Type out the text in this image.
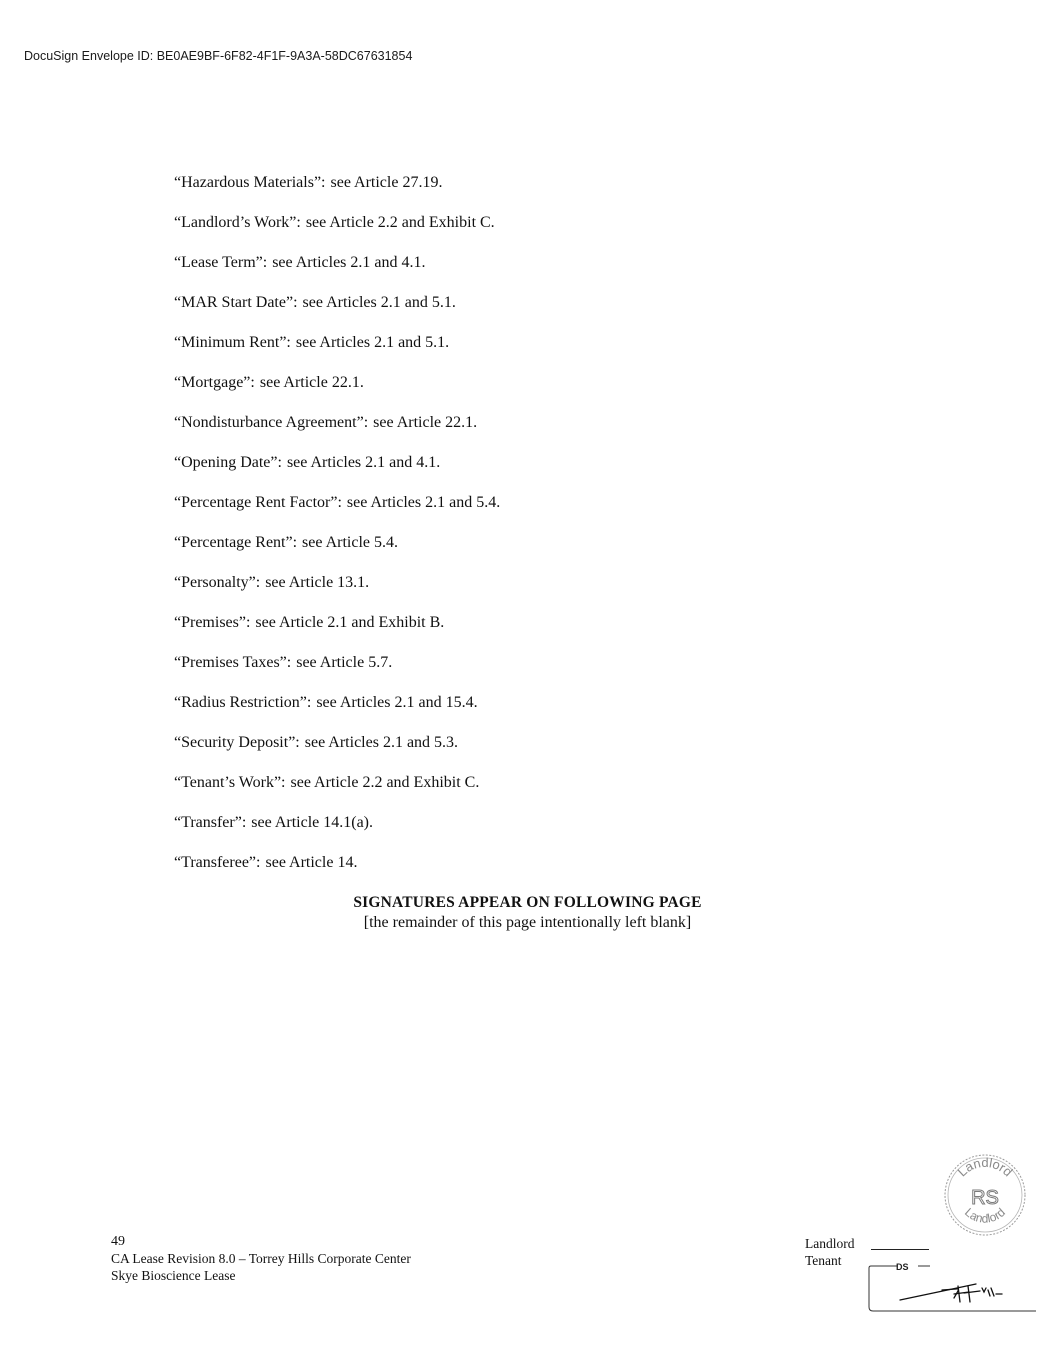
DocuSign Envelope ID: BE0AE9BF-6F82-4F1F-9A3A-58DC67631854
“Hazardous Materials”: see Article 27.19.
“Landlord’s Work”: see Article 2.2 and Exhibit C.
“Lease Term”: see Articles 2.1 and 4.1.
“MAR Start Date”: see Articles 2.1 and 5.1.
“Minimum Rent”: see Articles 2.1 and 5.1.
“Mortgage”: see Article 22.1.
“Nondisturbance Agreement”: see Article 22.1.
“Opening Date”: see Articles 2.1 and 4.1.
“Percentage Rent Factor”: see Articles 2.1 and 5.4.
“Percentage Rent”: see Article 5.4.
“Personalty”: see Article 13.1.
“Premises”: see Article 2.1 and Exhibit B.
“Premises Taxes”: see Article 5.7.
“Radius Restriction”: see Articles 2.1 and 15.4.
“Security Deposit”: see Articles 2.1 and 5.3.
“Tenant’s Work”: see Article 2.2 and Exhibit C.
“Transfer”: see Article 14.1(a).
“Transferee”: see Article 14.
SIGNATURES APPEAR ON FOLLOWING PAGE
[the remainder of this page intentionally left blank]
49
CA Lease Revision 8.0 – Torrey Hills Corporate Center
Skye Bioscience Lease
Landlord
Tenant
Landlord
Landlord
RS
DS
